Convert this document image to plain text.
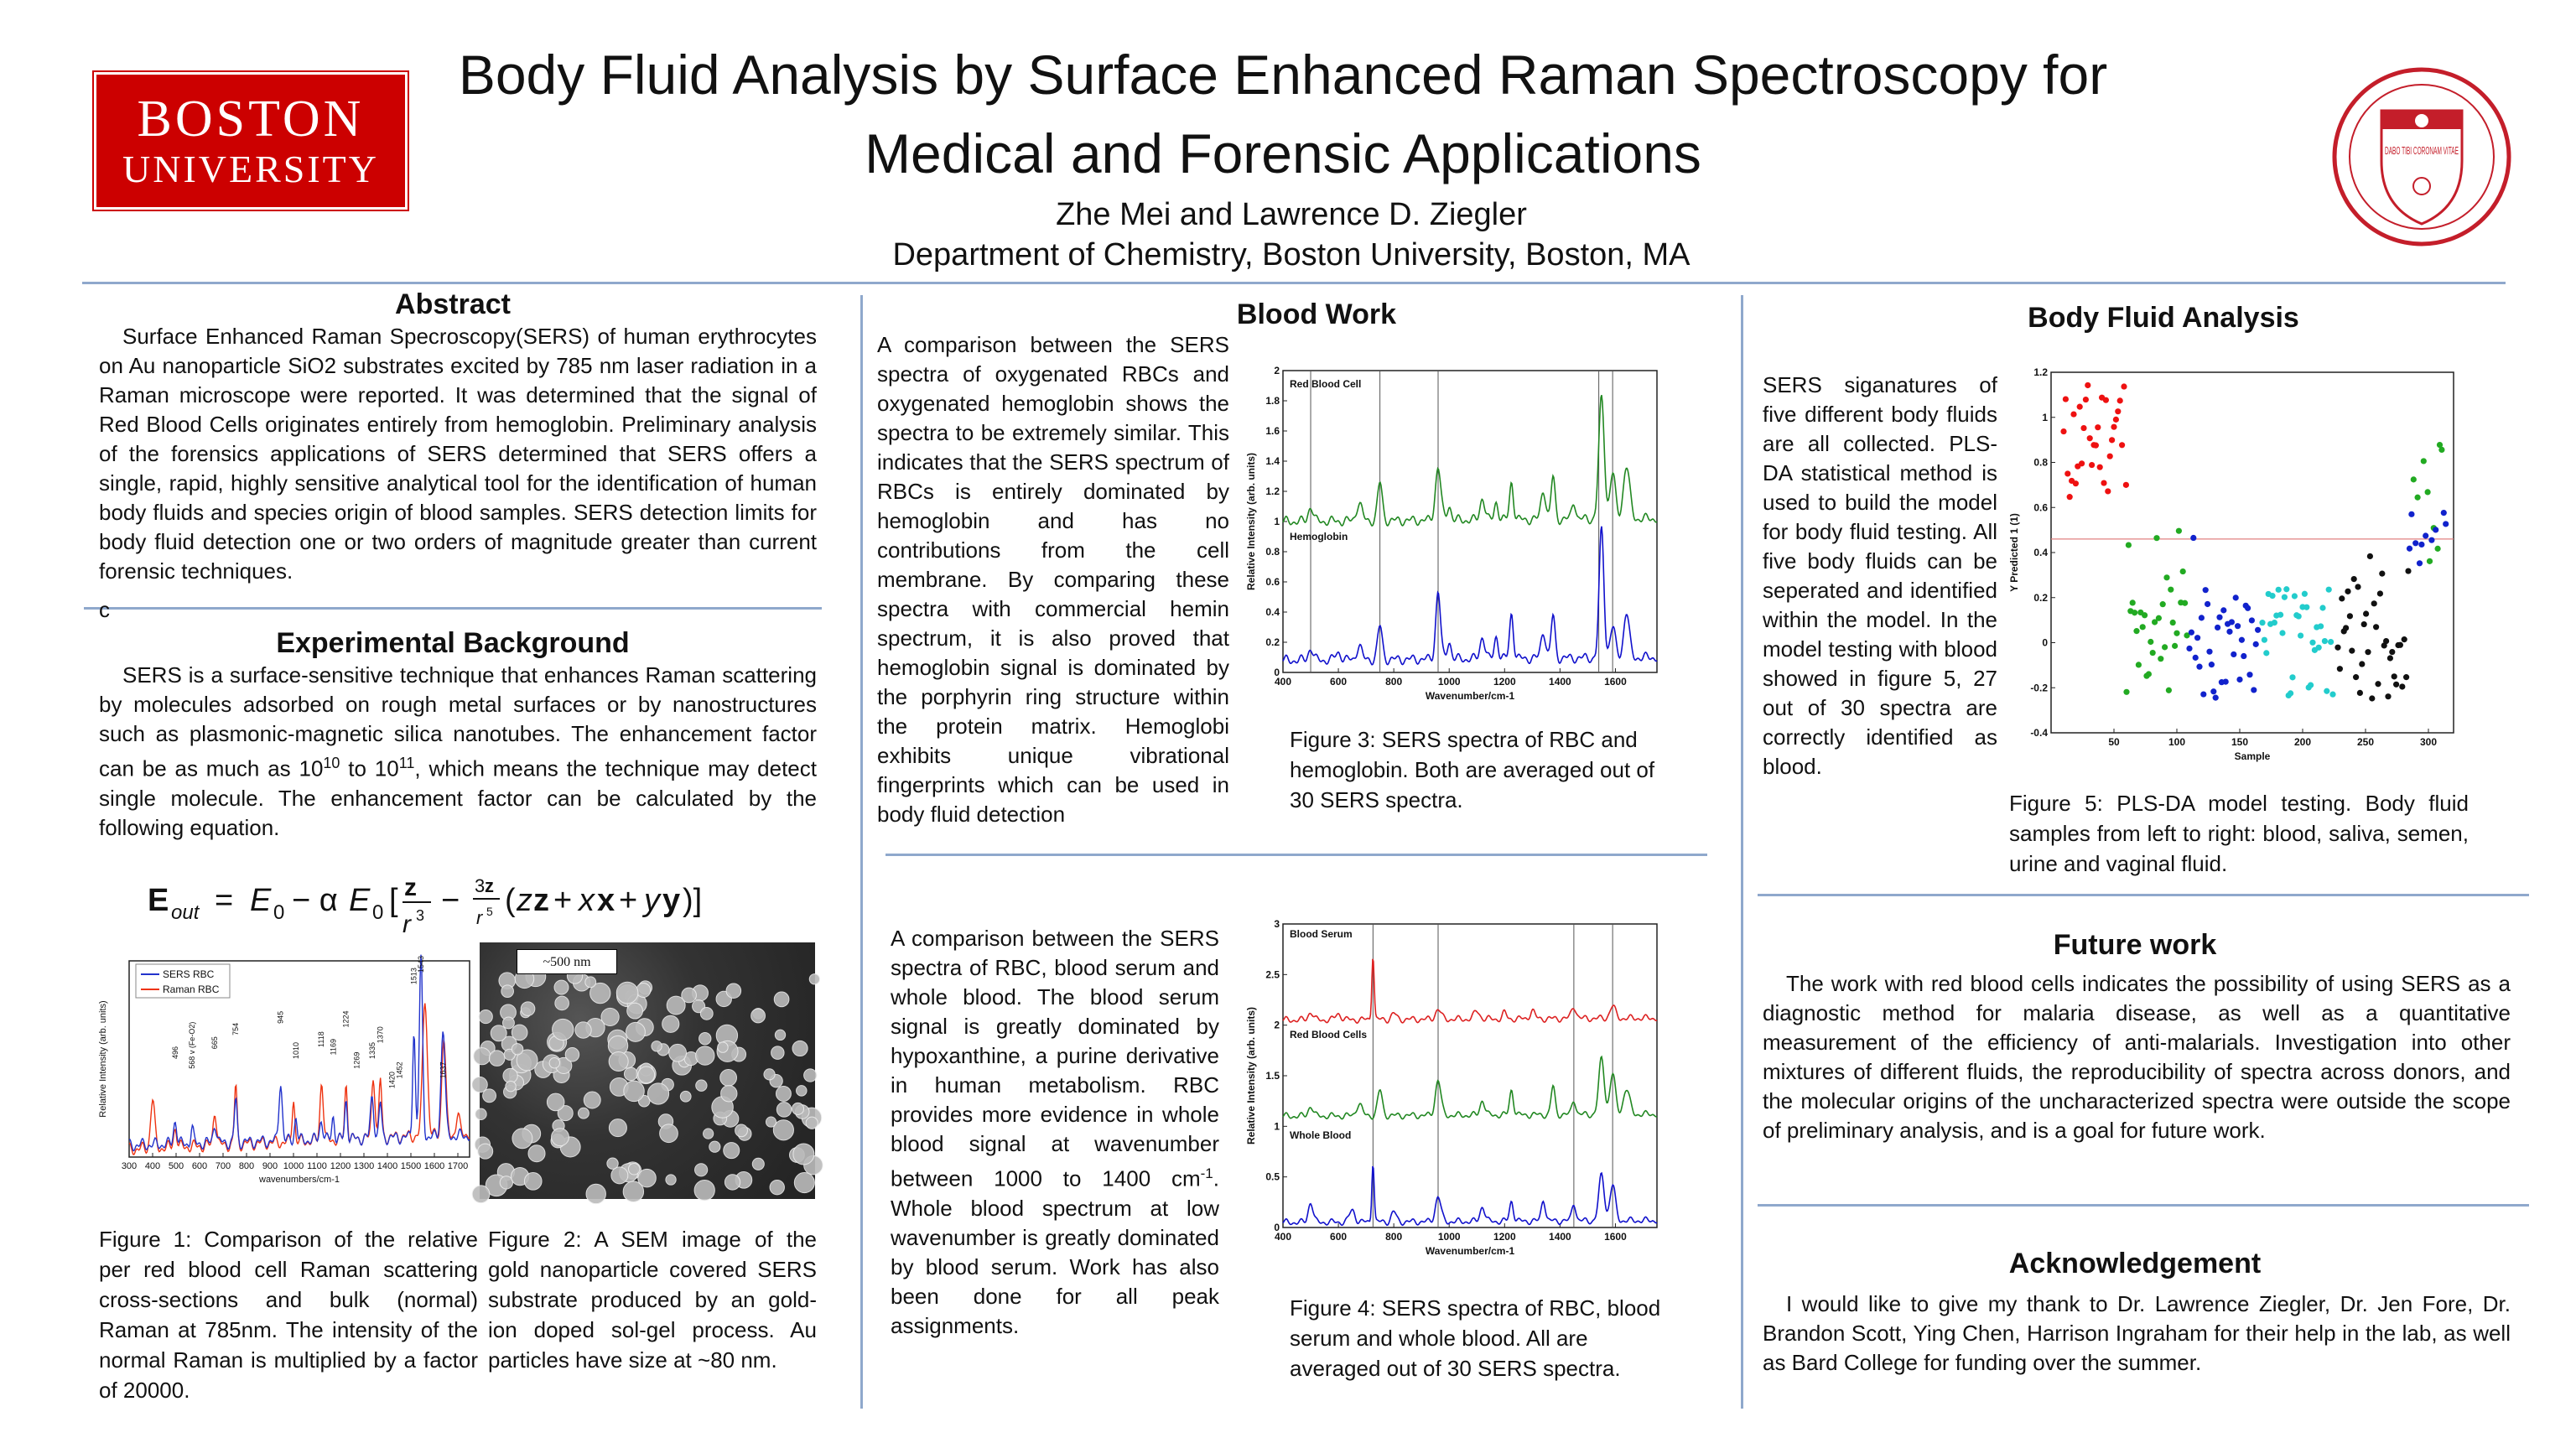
BOSTON
UNIVERSITY
Body Fluid Analysis by Surface Enhanced Raman Spectroscopy for Medical and Forensic Applications
Zhe Mei and Lawrence D. Ziegler
Department of Chemistry, Boston University, Boston, MA
DABO TIBI CORONAM VITAE
Abstract
Surface Enhanced Raman Specroscopy(SERS) of human erythrocytes on Au nanoparticle SiO2 substrates excited by 785 nm laser radiation in a Raman microscope were reported. It was determined that the signal of Red Blood Cells originates entirely from hemoglobin. Preliminary analysis of the forensics applications of SERS determined that SERS offers a single, rapid, highly sensitive analytical tool for the identification of human body fluids and species origin of blood samples. SERS detection limits for body fluid detection one or two orders of magnitude greater than current forensic techniques.
c
Experimental Background
SERS is a surface-sensitive technique that enhances Raman scattering by molecules adsorbed on rough metal surfaces or by nanostructures such as plasmonic-magnetic silica nanotubes. The enhancement factor can be as much as $10^{10}$ to $10^{11}$, which means the technique may detect single molecule. The enhancement factor can be calculated by the following equation.
E out = E 0 − α E 0 [ z
r 3 − 3 z
r 5 ( z z + x x + y y )]
300 400 500 600 700 800 900 1000 1100 1200 1300 1400 1500 1600 1700
wavenumbers/cm-1
Relative Intensity (arb. units)
SERS RBC
Raman RBC
496 568 v (Fe-O2) 665
754
945
1010
1118 1169
1224
1269
1335
1370
1420
1452
1513
1543
1637
~500 nm
Figure 1: Comparison of the relative per red blood cell Raman scattering cross-sections and bulk (normal) Raman at 785nm. The intensity of the normal Raman is multiplied by a factor of 20000.
Figure 2: A SEM image of the gold nanoparticle covered SERS substrate produced by an gold-ion doped sol-gel process. Au particles have size at ~80 nm.
Blood Work
A comparison between the SERS spectra of oxygenated RBCs and oxygenated hemoglobin shows the spectra to be extremely similar. This indicates that the SERS spectrum of RBCs is entirely dominated by hemoglobin and has no contributions from the cell membrane. By comparing these spectra with commercial hemin spectrum, it is also proved that hemoglobin signal is dominated by the porphyrin ring structure within the protein matrix. Hemoglobi exhibits unique vibrational fingerprints which can be used in body fluid detection
400	600	800	1000	1200	1400	1600
0
0.2
0.4
0.6
0.8
1
1.2
1.4
1.6
1.8
2
Wavenumber/cm-1
Relative Intensity (arb. units)
Red Blood Cell
Hemoglobin
Figure 3: SERS spectra of RBC and hemoglobin. Both are averaged out of 30 SERS spectra.
A comparison between the SERS spectra of RBC, blood serum and whole blood. The blood serum signal is greatly dominated by hypoxanthine, a purine derivative in human metabolism. RBC provides more evidence in whole blood signal at wavenumber between 1000 to 1400 $cm^{-1}$. Whole blood spectrum at low wavenumber is greatly dominated by blood serum. Work has also been done for all peak assignments.
400	600	800	1000	1200	1400	1600
0
0.5
1
1.5
2
2.5
3
Wavenumber/cm-1
Relative Intensity (arb. units)
Blood Serum
Red Blood Cells
Whole Blood
Figure 4: SERS spectra of RBC, blood serum and whole blood. All are averaged out of 30 SERS spectra.
Body Fluid Analysis
SERS siganatures of five different body fluids are all collected. PLS-DA statistical method is used to build the model for body fluid testing. All five body fluids can be seperated and identified within the model. In the model testing with blood showed in figure 5, 27 out of 30 spectra are correctly identified as blood.
50	100	150	200	250	300
-0.4
-0.2
0
0.2
0.4
0.6
0.8
1
1.2
Sample
Y Predicted 1 (1)
Figure 5: PLS-DA model testing. Body fluid samples from left to right: blood, saliva, semen, urine and vaginal fluid.
Future work
The work with red blood cells indicates the possibility of using SERS as a diagnostic method for malaria disease, as well as a quantitative measurement of the efficiency of anti-malarials. Investigation into other mixtures of different fluids, the reproducibility of spectra across donors, and the molecular origins of the uncharacterized spectra were outside the scope of preliminary analysis, and is a goal for future work.
Acknowledgement
I would like to give my thank to Dr. Lawrence Ziegler, Dr. Jen Fore, Dr. Brandon Scott, Ying Chen, Harrison Ingraham for their help in the lab, as well as Bard College for funding over the summer.
